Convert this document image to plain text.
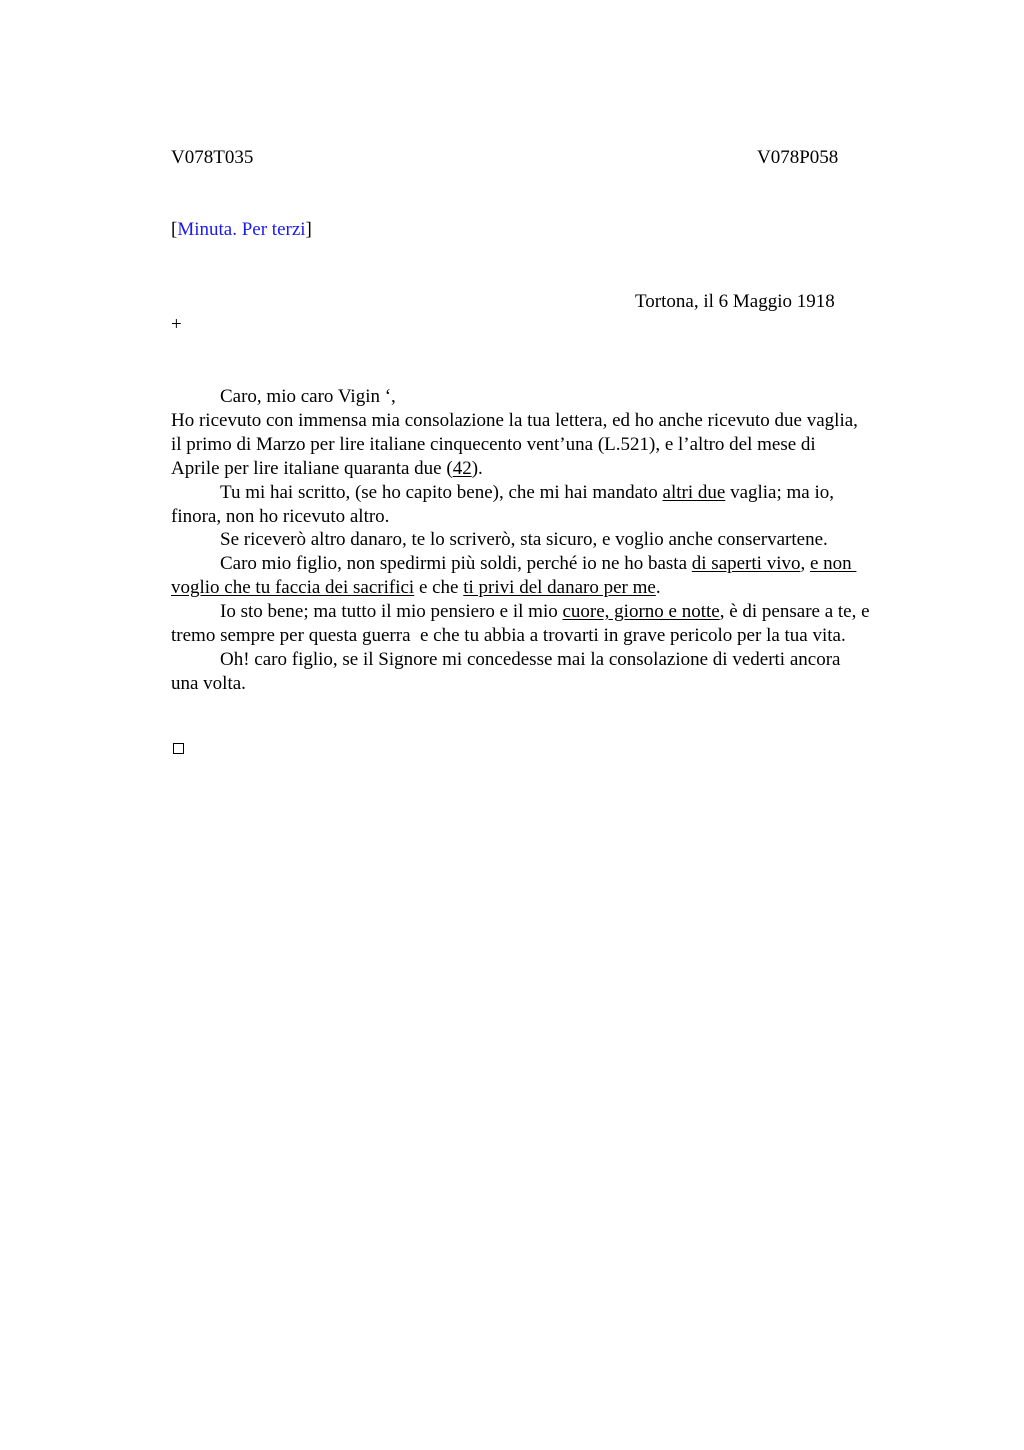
V078T035	V078P058
[Minuta. Per terzi]
Tortona, il 6 Maggio 1918
+
Caro, mio caro Vigin ‘,
Ho ricevuto con immensa mia consolazione la tua lettera, ed ho anche ricevuto due vaglia,
il primo di Marzo per lire italiane cinquecento vent’una (L.521), e l’altro del mese di
Aprile per lire italiane quaranta due (42).
Tu mi hai scritto, (se ho capito bene), che mi hai mandato altri due vaglia; ma io,
finora, non ho ricevuto altro.
Se riceverò altro danaro, te lo scriverò, sta sicuro, e voglio anche conservartene.
Caro mio figlio, non spedirmi più soldi, perché io ne ho basta di saperti vivo, e non
voglio che tu faccia dei sacrifici e che ti privi del danaro per me.
Io sto bene; ma tutto il mio pensiero e il mio cuore, giorno e notte, è di pensare a te, e
tremo sempre per questa guerra  e che tu abbia a trovarti in grave pericolo per la tua vita.
Oh! caro figlio, se il Signore mi concedesse mai la consolazione di vederti ancora
una volta.
